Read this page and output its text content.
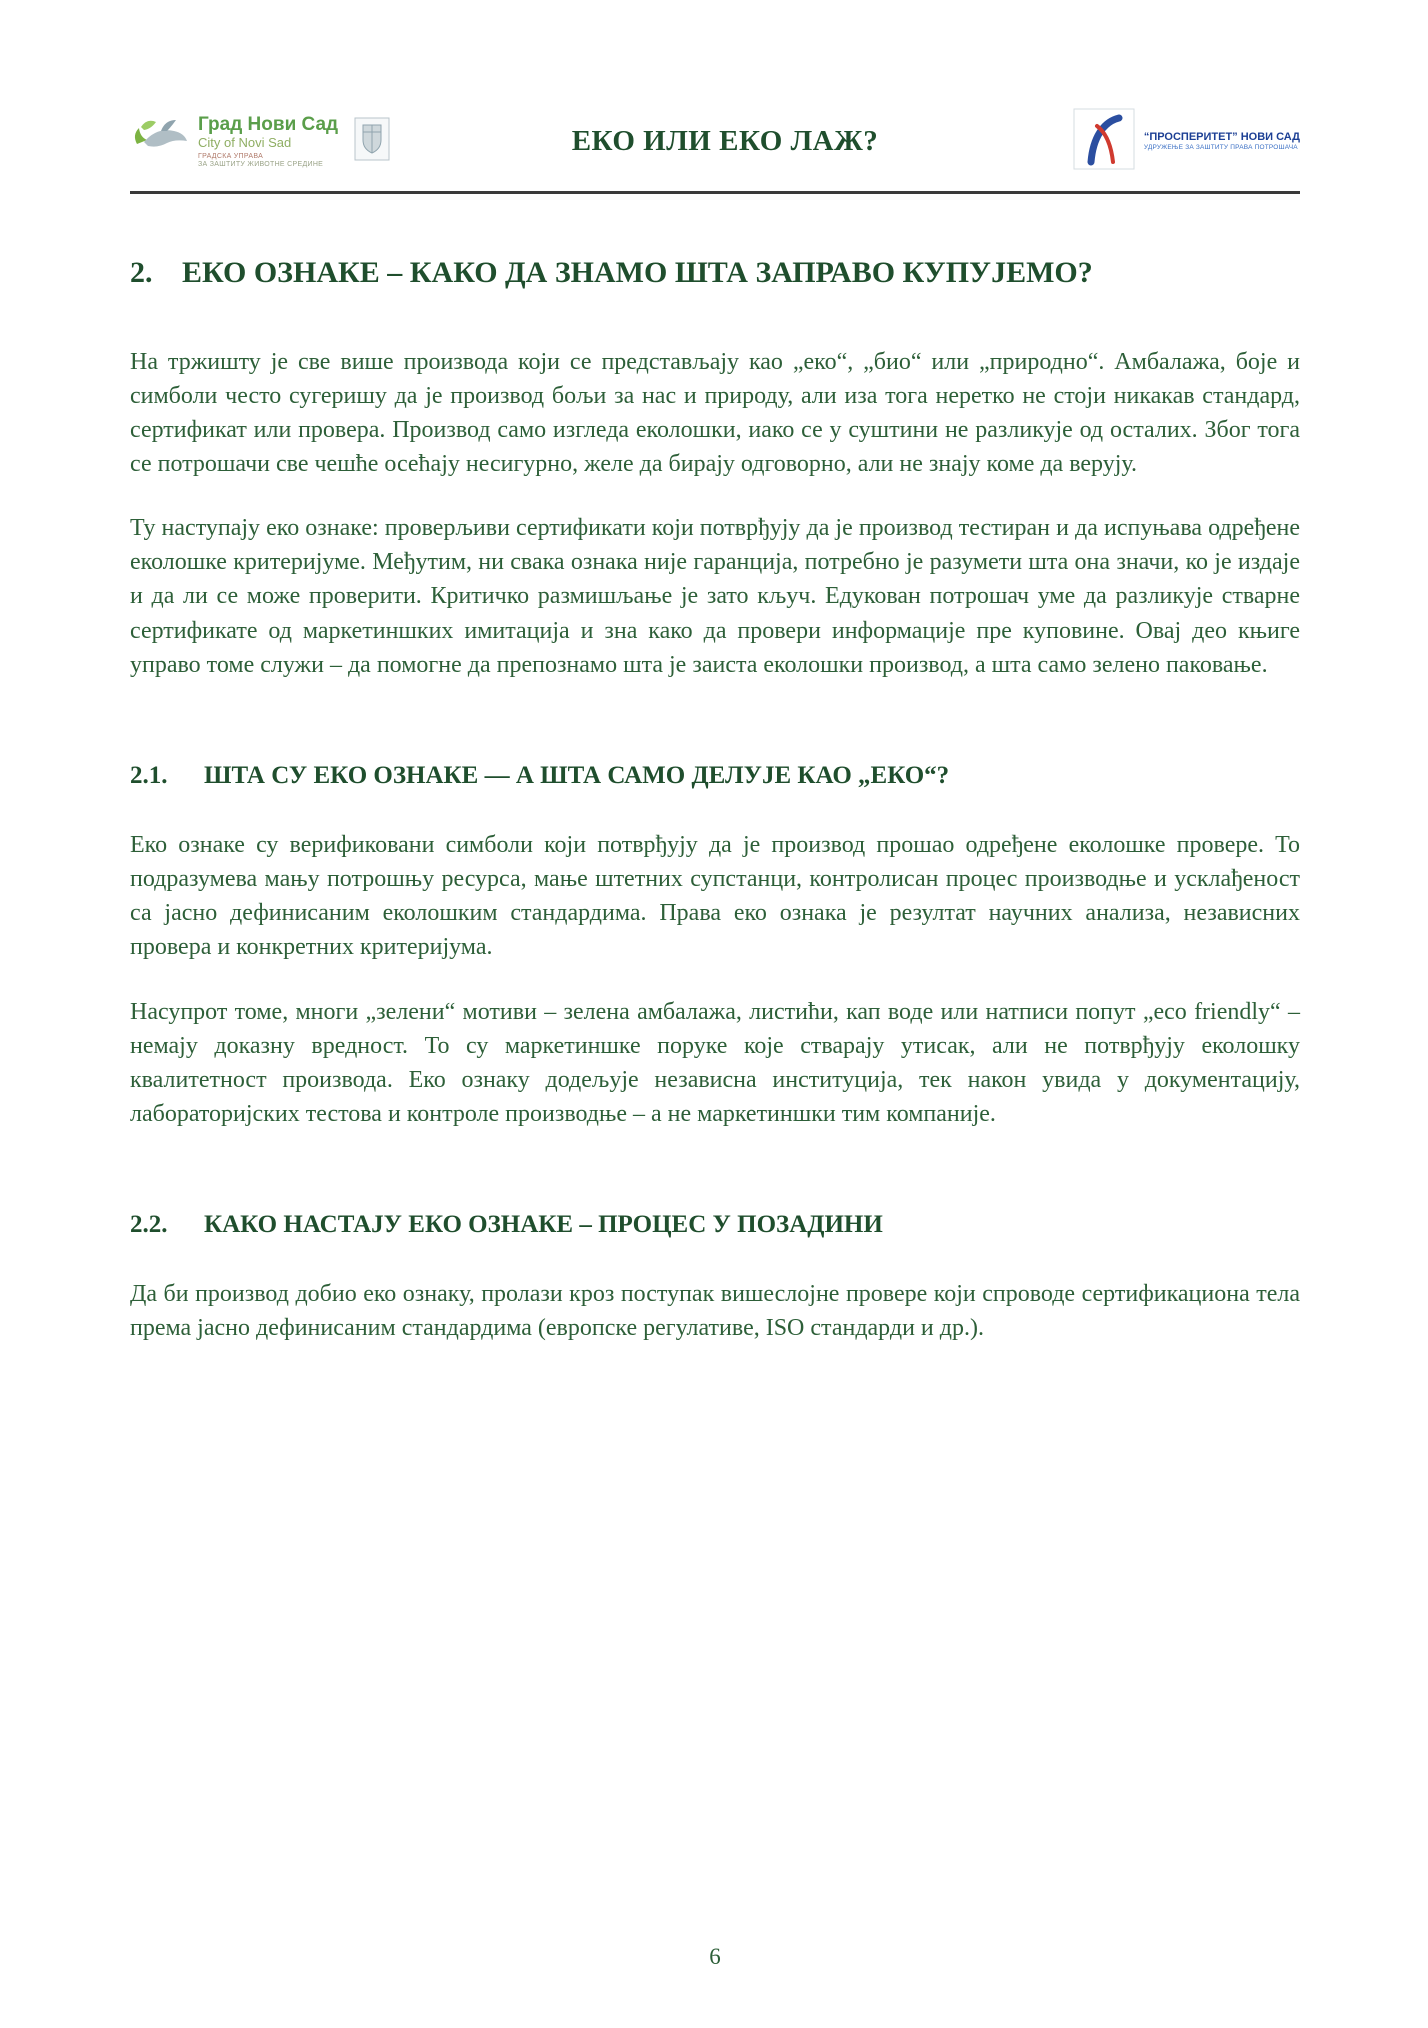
Град Нови Сад
City of Novi Sad
ГРАДСКА УПРАВА
ЗА ЗАШТИТУ ЖИВОТНЕ СРЕДИНЕ
ЕКО ИЛИ ЕКО ЛАЖ?	“ПРОСПЕРИТЕТ” НОВИ САД
УДРУЖЕЊЕ ЗА ЗАШТИТУ ПРАВА ПОТРОШАЧА
2. ЕКО ОЗНАКЕ – КАКО ДА ЗНАМО ШТА ЗАПРАВО КУПУЈЕМО?

На тржишту је све више производа који се представљају као „еко“, „био“ или „природно“. Амбалажа, боје и симболи често сугеришу да је производ бољи за нас и природу, али иза тога неретко не стоји никакав стандард, сертификат или провера. Производ само изгледа еколошки, иако се у суштини не разликује од осталих. Због тога се потрошачи све чешће осећају несигурно, желе да бирају одговорно, али не знају коме да верују.

Ту наступају еко ознаке: проверљиви сертификати који потврђују да је производ тестиран и да испуњава одређене еколошке критеријуме. Међутим, ни свака ознака није гаранција, потребно је разумети шта она значи, ко је издаје и да ли се може проверити. Критичко размишљање је зато кључ. Едукован потрошач уме да разликује стварне сертификате од маркетиншких имитација и зна како да провери информације пре куповине. Овај део књиге управо томе служи – да помогне да препознамо шта је заиста еколошки производ, а шта само зелено паковање.

2.1.	ШТА СУ ЕКО ОЗНАКЕ — А ШТА САМО ДЕЛУЈЕ КАО „ЕКО“?

Еко ознаке су верификовани симболи који потврђују да је производ прошао одређене еколошке провере. То подразумева мању потрошњу ресурса, мање штетних супстанци, контролисан процес производње и усклађеност са јасно дефинисаним еколошким стандардима. Права еко ознака је резултат научних анализа, независних провера и конкретних критеријума.

Насупрот томе, многи „зелени“ мотиви – зелена амбалажа, листићи, кап воде или натписи попут „eco friendly“ – немају доказну вредност. То су маркетиншке поруке које стварају утисак, али не потврђују еколошку квалитетност производа. Еко ознаку додељује независна институција, тек након увида у документацију, лабораторијских тестова и контроле производње – а не маркетиншки тим компаније.

2.2.	КАКО НАСТАЈУ ЕКО ОЗНАКЕ – ПРОЦЕС У ПОЗАДИНИ

Да би производ добио еко ознаку, пролази кроз поступак вишеслојне провере који спроводе сертификациона тела према јасно дефинисаним стандардима (европске регулативе, ISO стандарди и др.).

6
